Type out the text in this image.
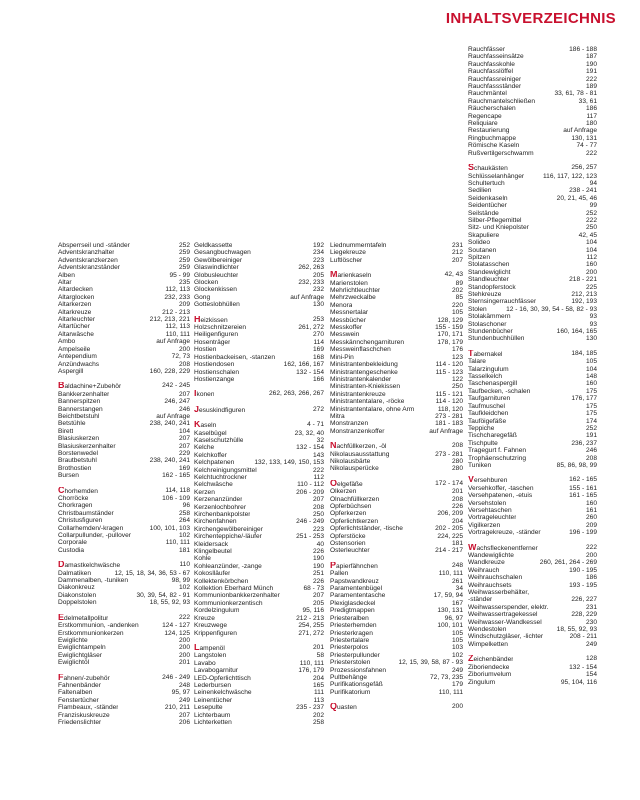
INHALTSVERZEICHNIS
Absperrseil und -ständer	252
Adventskranzhalter	259
Adventskranzkerzen	259
Adventskranzständer	259
Alben	95 - 99
Altar	235
Altardecken	112, 113
Altarglocken	232, 233
Altarkerzen	209
Altarkreuze	212 - 213
Altarleuchter	212, 213, 221
Altartücher	112, 113
Altarwäsche	110, 111
Ambo	auf Anfrage
Ampelseile	200
Antependium	72, 73
Anzündwachs	208
Aspergill	160, 228, 229
Baldachine+Zubehör	242 - 245
Bankkerzenhalter	207
Bannerspitzen	246, 247
Bannerstangen	246
Beichtbetstuhl	auf Anfrage
Betstühle	238, 240, 241
Birett	104
Blasiuskerzen	207
Blasiuskerzenhalter	207
Borstenwedel	229
Brautbetstuhl	238, 240, 241
Brothostien	169
Bursen	162 - 165
Chorhemden	114, 118
Chorröcke	106 - 109
Chorkragen	96
Christbaumständer	258
Christusfiguren	264
Collarhemden/-kragen	100, 101, 103
Collarpullunder, -pullover	102
Corporale	110, 111
Custodia	181
Damastkelchwäsche	110
Dalmatiken	12, 15, 18, 34, 36, 53 - 67
Dammenalben, -tuniken	98, 99
Diakonkreuz	102
Diakonstolen	30, 39, 54, 82 - 91
Doppelstolen	18, 55, 92, 93
Edelmetallpolitur	222
Erstkommunion, -andenken	124 - 127
Erstkommunionkerzen	124, 125
Ewiglichte	200
Ewiglichtampeln	200
Ewiglichtgläser	200
Ewiglichtöl	201
Fahnen/-zubehör	246 - 249
Fahnenbänder	248
Faltenalben	95, 97
Fenstertücher	249
Flambeaux, -ständer	210, 211
Franziskuskreuze	207
Friedenslichter	206
Geldkassette	192
Gesangbuchwagen	234
Gewölbereiniger	223
Glaswindlichter	262, 263
Globusleuchter	205
Glocken	232, 233
Glockenkissen	232
Gong	auf Anfrage
Gotteslobhüllen	130
Heizkissen	253
Holzschnitzereien	261, 272
Heiligenfiguren	270
Hosenträger	114
Hostien	169
Hostienbackeisen, -stanzen	168
Hostiendosen	162, 166, 167
Hostienschalen	132 - 154
Hostienzange	166
Ikonen	262, 263, 266, 267
Jesuskindfiguren	272
Kaseln	4 - 71
Kaselbügel	23, 32, 40
Kaselschutzhülle	32
Kelche	132 - 154
Kelchkoffer	143
Kelchpatenen	132, 133, 149, 150, 153
Kelchreinigungsmittel	222
Kelchtuchtrockner	112
Kelchwäsche	110 - 112
Kerzen	206 - 209
Kerzenanzünder	207
Kerzenlochbohrer	208
Kirchenbankpolster	250
Kirchenfahnen	246 - 249
Kirchengewölbereiniger	223
Kirchenteppiche/-läufer	251 - 253
Kleidersack	40
Klingelbeutel	226
Kohle	190
Kohleanzünder, -zange	190
Kokoslläufer	251
Kollektenkörbchen	226
Kollektion Eberhard Münch	68 - 73
Kommunionbankkerzenhalter	207
Kommunionkerzentisch	205
Kordelzingulum	95, 116
Kreuze	212 - 213
Kreuzwege	254, 255
Krippenfiguren	271, 272
Lampenöl	201
Langstolen	58
Lavabo	110, 111
Lavabogarnitur	176, 179
LED-Opferlichttisch	204
Lederbursen	165
Leinenkelchwäsche	111
Leinentücher	113
Lesepulte	235 - 237
Lichterbaum	202
Lichterketten	258
Liednummerntafeln	231
Liegekreuze	212
Luftlöscher	207
Marienkaseln	42, 43
Marienstolen	89
Mehrlichtleuchter	202
Mehrzweckalbe	85
Menora	220
Messnertalar	105
Messbücher	128, 129
Messkoffer	155 - 159
Messwein	170, 171
Messkännchengarnituren	178, 179
Messweinflaschchen	176
Mini-Pin	123
Ministrantenbekleidung	114 - 120
Ministrantengeschenke	115 - 123
Ministrantenkalender	122
Ministranten-Kniekissen	250
Ministrantenkreuze	115 - 121
Ministrantentalare, -röcke	114 - 120
Ministrantentalare, ohne Arm	118, 120
Mitra	273 - 281
Monstranzen	181 - 183
Monstranzenkoffer	auf Anfrage
Nachfüllkerzen, -öl	208
Nikolausausstattung	273 - 281
Nikolausbärte	280
Nikolausperücke	280
Oelgefäße	172 - 174
Ölkerzen	201
Ölnachfüllkerzen	208
Opferbüchsen	226
Opferkerzen	206, 209
Opferlichtkerzen	204
Opferlichtständer, -tische	202 - 205
Opferstöcke	224, 225
Ostensorien	181
Osterleuchter	214 - 217
Papierfähnchen	248
Pallen	110, 111
Papstwandkreuz	261
Paramentenbügel	34
Paramententasche	17, 59, 94
Plexiglasdeckel	167
Predigtmappen	130, 131
Priesteralben	96, 97
Priesterhemden	100, 101
Priesterkragen	105
Priestertalare	105
Priesterpolos	103
Priesterpullunder	102
Priesterstolen	12, 15, 39, 58, 87 - 93
Prozessionsfahnen	249
Pultbehänge	72, 73, 235
Purifikationsgefäß	179
Purifikatorium	110, 111
Quasten	200
Rauchfässer	186 - 188
Rauchfasseinsätze	187
Rauchfasskohle	190
Rauchfasslöffel	191
Rauchfassreiniger	222
Rauchfassständer	189
Rauchmäntel	33, 61, 78 - 81
Rauchmantelschließen	33, 61
Räucherschalen	186
Regencape	117
Reliquiare	180
Restaurierung	auf Anfrage
Ringbuchmappe	130, 131
Römische Kaseln	74 - 77
Rußvertilgerschwamm	222
Schaukästen	256, 257
Schlüsselanhänger	116, 117, 122, 123
Schultertuch	94
Sedilien	238 - 241
Seidenkaseln	20, 21, 45, 46
Seidentücher	99
Seilstände	252
Silber-Pflegemittel	222
Sitz- und Kniepolster	250
Skapuliere	42, 45
Solideo	104
Soutanen	104
Spitzen	112
Stolatasschen	160
Standewiglicht	200
Standleuchter	218 - 221
Standopferstock	225
Stehkreuze	212, 213
Sternsingerrauchfässer	192, 193
Stolen	12 - 16, 30, 39, 54 - 58, 82 - 93
Stolakämmern	93
Stolaschoner	93
Stundenbücher	160, 164, 165
Stundenbuchhüllen	130
Tabernakel	184, 185
Talare	105
Talarzingulum	104
Tasselkelch	148
Taschenaspergill	160
Taufbecken, -schalen	175
Taufgarnituren	176, 177
Taufmuschel	175
Taufkleidchen	175
Tauföigefäße	174
Teppiche	252
Tischcharegefäß	191
Tischpulte	236, 237
Tragegurt f. Fahnen	246
Trophäenschutzring	208
Tuniken	85, 86, 98, 99
Versehburen	162 - 165
Versehkoffer, -taschen	155 - 161
Versehpatenen, -etuis	161 - 165
Versehstolen	160
Versehtaschen	161
Vortrageleuchter	260
Vigilkerzen	209
Vortragekreuze, -ständer	196 - 199
Wachsfleckenentferner	222
Wandewiglichte	200
Wandkreuze	260, 261, 264 - 269
Weihrauch	190 - 195
Weihrauchschalen	186
Weihrauchsets	193 - 195
Weihwasserbehälter,
-ständer	226, 227
Weihwasserspender, elektr.	231
Weihwassertragekessel	228, 229
Weihwasser-Wandkessel	230
Wendestolen	18, 55, 92, 93
Windschutzgläser, -lichter	208 - 211
Wimpelketten	249
Zeichenbänder	128
Ziboriendecke	132 - 154
Ziboriumvelum	154
Zingulum	95, 104, 116
